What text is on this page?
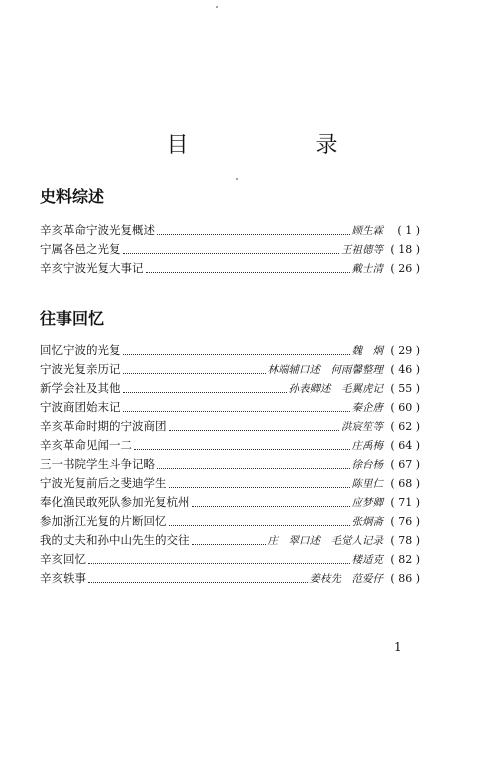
目 录
史料综述
辛亥革命宁波光复概述	顾生霖	( 1 )
宁属各邑之光复	王祖德等 ( 18 )
辛亥宁波光复大事记	戴士清 ( 26 )
往事回忆
回忆宁波的光复	魏　炯 ( 29 )
宁波光复亲历记	林端辅口述　何雨馨整理 ( 46 )
新学会社及其他	孙表卿述　毛翼虎记 ( 55 )
宁波商团始末记	秦企唐 ( 60 )
辛亥革命时期的宁波商团	洪宸笙等 ( 62 )
辛亥革命见闻一二	庄禹梅 ( 64 )
三一书院学生斗争记略	徐台杨 ( 67 )
宁波光复前后之斐迪学生	陈里仁 ( 68 )
奉化渔民敢死队参加光复杭州	应梦卿 ( 71 )
参加浙江光复的片断回忆	张炯斋 ( 76 )
我的丈夫和孙中山先生的交往	庄　翠口述　毛觉人记录 ( 78 )
辛亥回忆	楼适克 ( 82 )
辛亥轶事	姜枝先　范爱仔 ( 86 )
1
